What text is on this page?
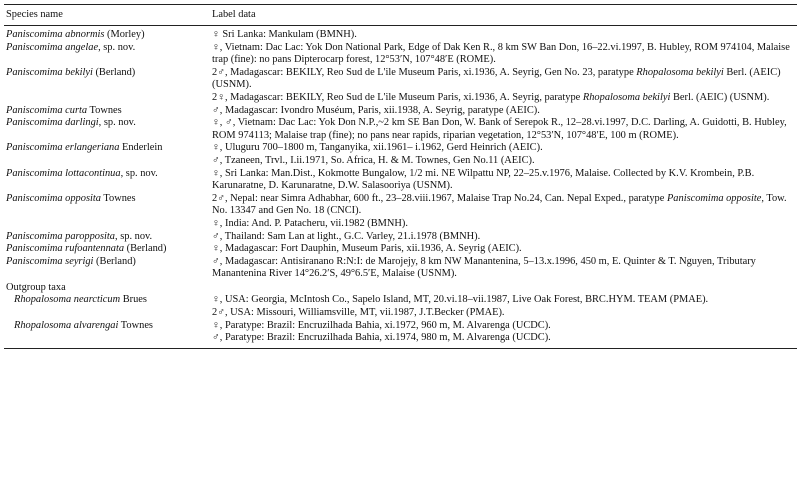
Species name	Label data
Paniscomima abnormis (Morley)	♀ Sri Lanka: Mankulam (BMNH).
Paniscomima angelae, sp. nov.	♀, Vietnam: Dac Lac: Yok Don National Park, Edge of Dak Ken R., 8 km SW Ban Don, 16–22.vi.1997, B. Hubley, ROM 974104, Malaise trap (fine): no pans Dipterocarp forest, 12°53′N, 107°48′E (ROME).
Paniscomima bekilyi (Berland)	2♂, Madagascar: BEKILY, Reo Sud de L'ile Museum Paris, xi.1936, A. Seyrig, Gen No. 23, paratype Rhopalosoma bekilyi Berl. (AEIC) (USNM).
	2♀, Madagascar: BEKILY, Reo Sud de L'ile Museum Paris, xi.1936, A. Seyrig, paratype Rhopalosoma bekilyi Berl. (AEIC) (USNM).
Paniscomima curta Townes	♂, Madagascar: Ivondro Muséum, Paris, xii.1938, A. Seyrig, paratype (AEIC).
Paniscomima darlingi, sp. nov.	♀, ♂, Vietnam: Dac Lac: Yok Don N.P.,~2 km SE Ban Don, W. Bank of Serepok R., 12–28.vi.1997, D.C. Darling, A. Guidotti, B. Hubley, ROM 974113; Malaise trap (fine); no pans near rapids, riparian vegetation, 12°53′N, 107°48′E, 100 m (ROME).
Paniscomima erlangeriana Enderlein	♀, Uluguru 700–1800 m, Tanganyika, xii.1961– i.1962, Gerd Heinrich (AEIC).
	♂, Tzaneen, Trvl., I.ii.1971, So. Africa, H. & M. Townes, Gen No.11 (AEIC).
Paniscomima lottacontinua, sp. nov.	♀, Sri Lanka: Man.Dist., Kokmotte Bungalow, 1/2 mi. NE Wilpattu NP, 22–25.v.1976, Malaise. Collected by K.V. Krombein, P.B. Karunaratne, D. Karunaratne, D.W. Salasooriya (USNM).
Paniscomima opposita Townes	2♂, Nepal: near Simra Adhabhar, 600 ft., 23–28.viii.1967, Malaise Trap No.24, Can. Nepal Exped., paratype Paniscomima opposite, Tow. No. 13347 and Gen No. 18 (CNCI).
	♀, India: And. P. Patacheru, vii.1982 (BMNH).
Paniscomima paropposita, sp. nov.	♂, Thailand: Sam Lan at light., G.C. Varley, 21.i.1978 (BMNH).
Paniscomima rufoantennata (Berland)	♀, Madagascar: Fort Dauphin, Museum Paris, xii.1936, A. Seyrig (AEIC).
Paniscomima seyrigi (Berland)	♂, Madagascar: Antisiranano R:N:I: de Marojejy, 8 km NW Manantenina, 5–13.x.1996, 450 m, E. Quinter & T. Nguyen, Tributary Manantenina River 14°26.2′S, 49°6.5′E, Malaise (USNM).
Outgroup taxa	
Rhopalosoma nearcticum Brues	♀, USA: Georgia, McIntosh Co., Sapelo Island, MT, 20.vi.18–vii.1987, Live Oak Forest, BRC.HYM. TEAM (PMAE).
	2♂, USA: Missouri, Williamsville, MT, vii.1987, J.T.Becker (PMAE).
Rhopalosoma alvarengai Townes	♀, Paratype: Brazil: Encruzilhada Bahia, xi.1972, 960 m, M. Alvarenga (UCDC).
	♂, Paratype: Brazil: Encruzilhada Bahia, xi.1974, 980 m, M. Alvarenga (UCDC).
